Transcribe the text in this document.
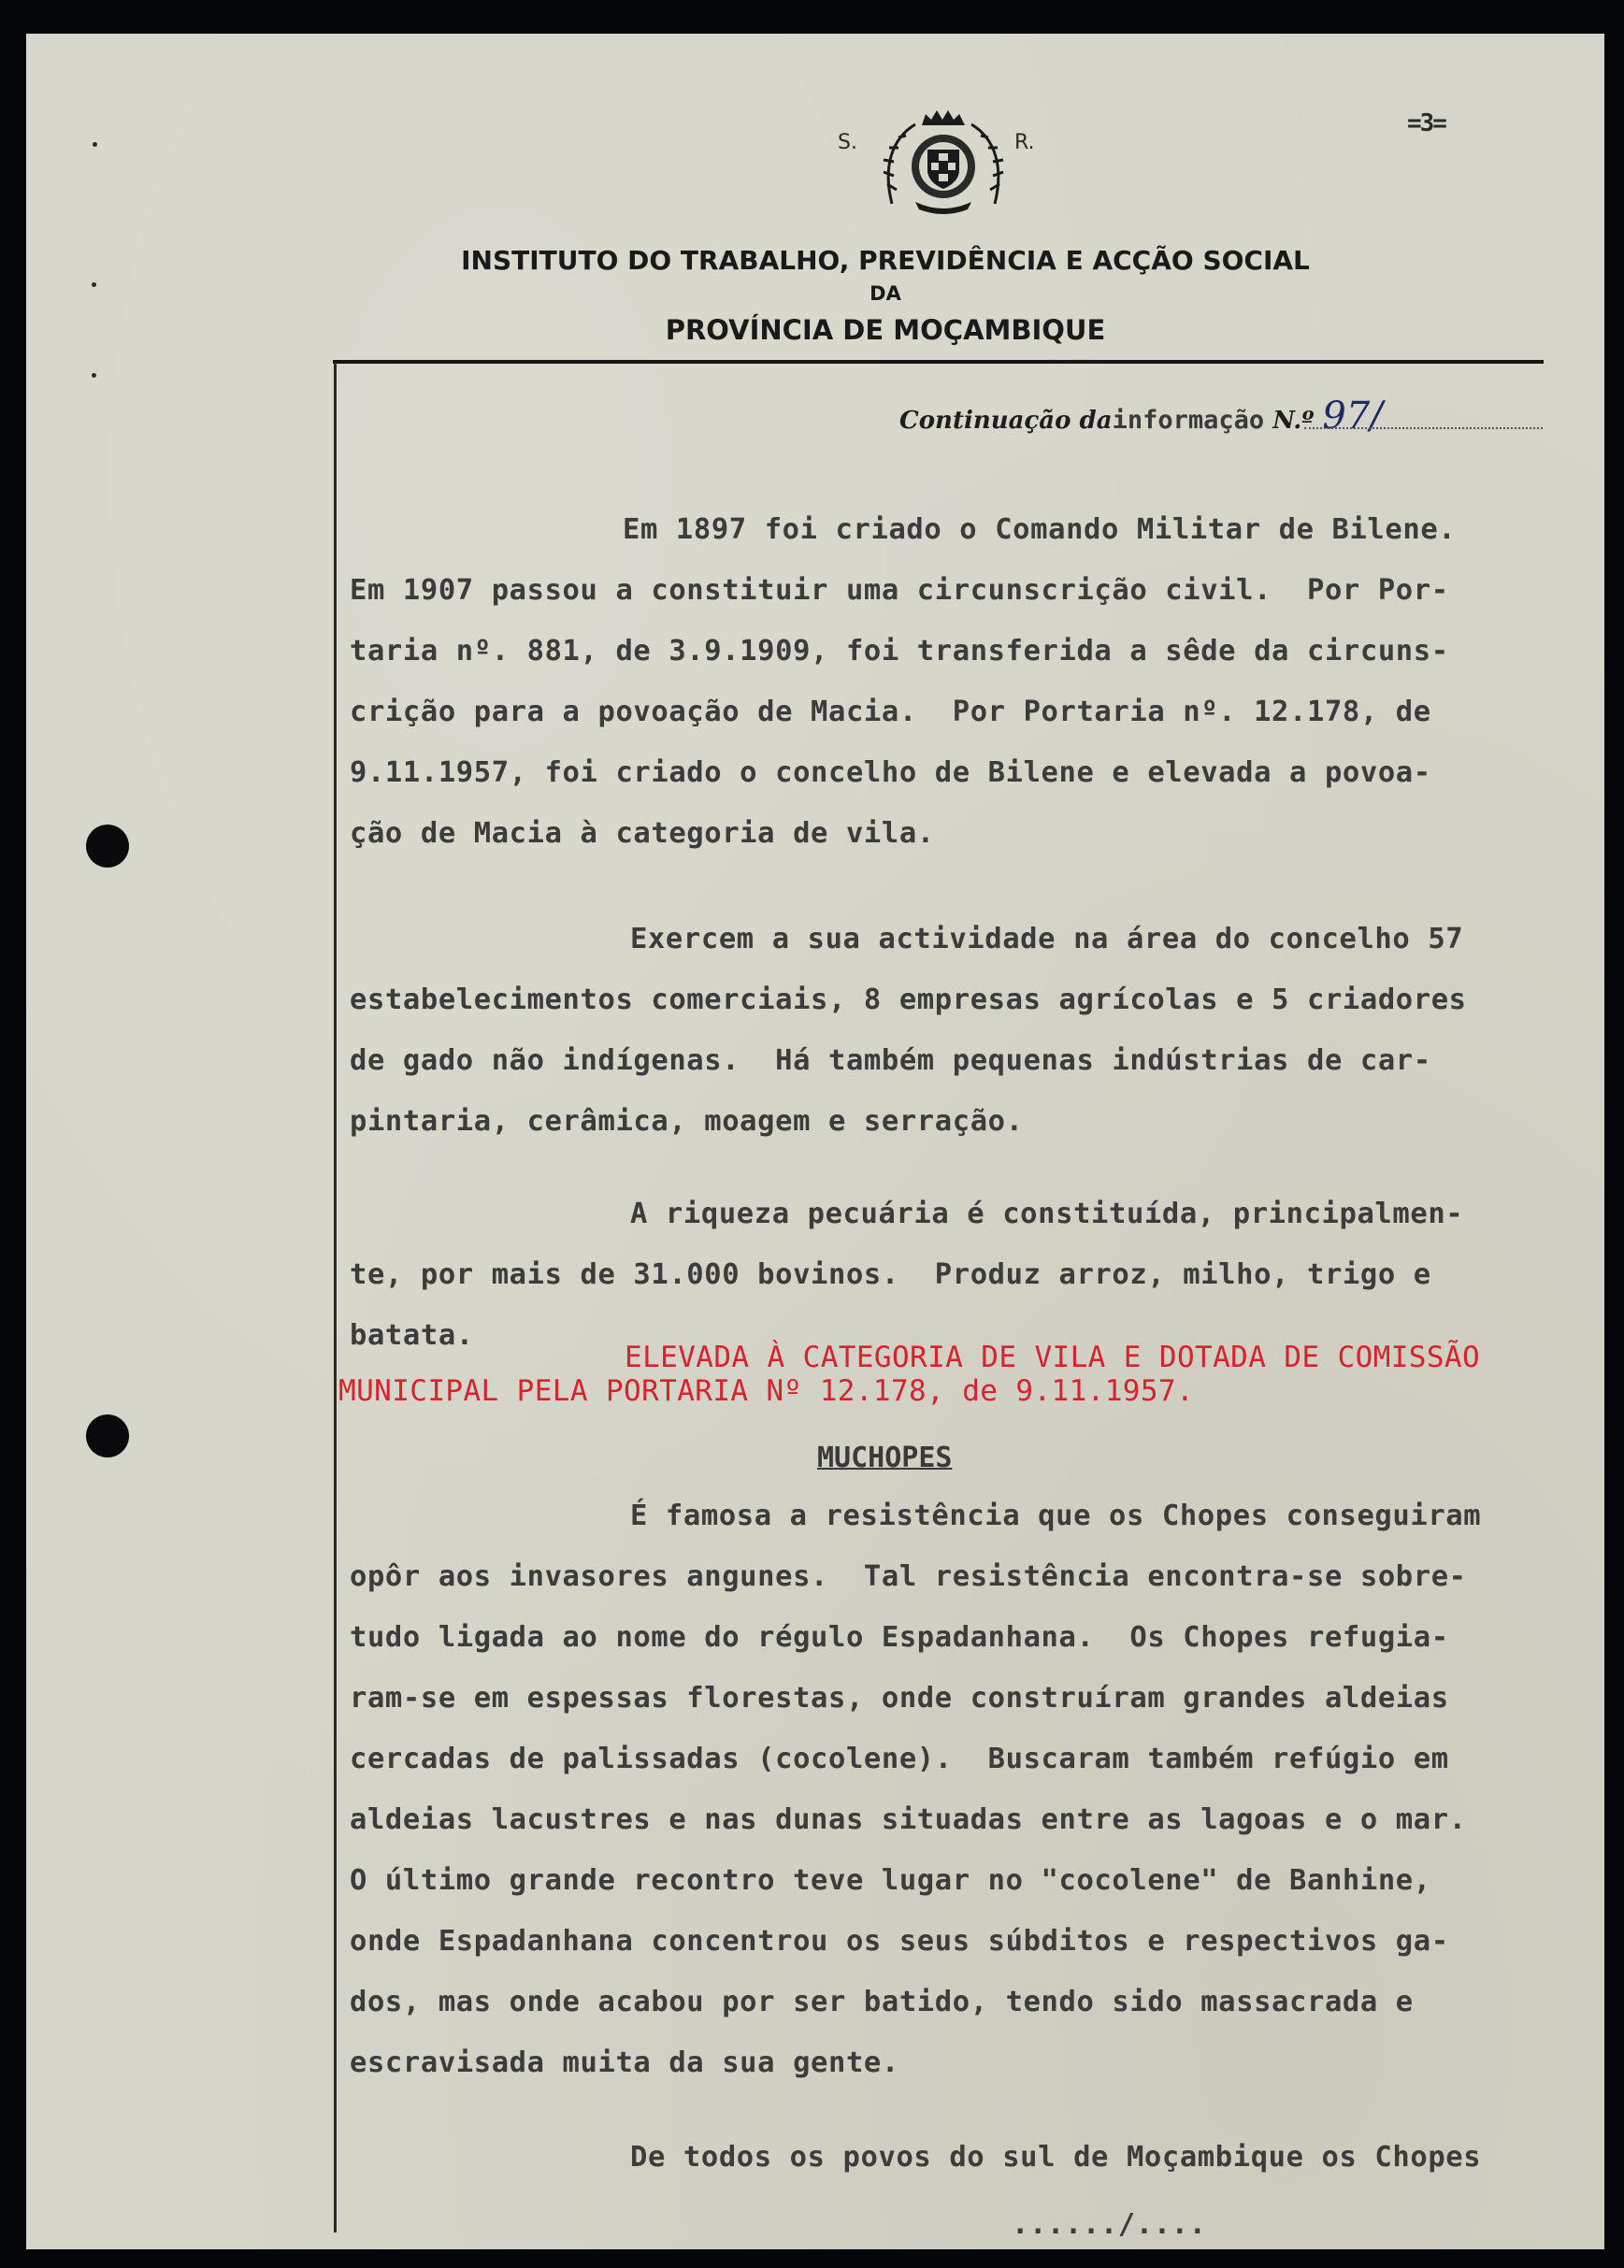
S.	R.
=3=
INSTITUTO DO TRABALHO, PREVIDÊNCIA E ACÇÃO SOCIAL
DA
PROVÍNCIA DE MOÇAMBIQUE
Continuação dainformação N.º 97/
Em 1897 foi criado o Comando Militar de Bilene.
Em 1907 passou a constituir uma circunscrição civil.  Por Por-
taria nº. 881, de 3.9.1909, foi transferida a sêde da circuns-
crição para a povoação de Macia.  Por Portaria nº. 12.178, de
9.11.1957, foi criado o concelho de Bilene e elevada a povoa-
ção de Macia à categoria de vila.
Exercem a sua actividade na área do concelho 57
estabelecimentos comerciais, 8 empresas agrícolas e 5 criadores
de gado não indígenas.  Há também pequenas indústrias de car-
pintaria, cerâmica, moagem e serração.
A riqueza pecuária é constituída, principalmen-
te, por mais de 31.000 bovinos.  Produz arroz, milho, trigo e
batata.
ELEVADA À CATEGORIA DE VILA E DOTADA DE COMISSÃO
MUNICIPAL PELA PORTARIA Nº 12.178, de 9.11.1957.
MUCHOPES
É famosa a resistência que os Chopes conseguiram
opôr aos invasores angunes.  Tal resistência encontra-se sobre-
tudo ligada ao nome do régulo Espadanhana.  Os Chopes refugia-
ram-se em espessas florestas, onde construíram grandes aldeias
cercadas de palissadas (cocolene).  Buscaram também refúgio em
aldeias lacustres e nas dunas situadas entre as lagoas e o mar.
O último grande recontro teve lugar no "cocolene" de Banhine,
onde Espadanhana concentrou os seus súbditos e respectivos ga-
dos, mas onde acabou por ser batido, tendo sido massacrada e
escravisada muita da sua gente.
De todos os povos do sul de Moçambique os Chopes
....../....
